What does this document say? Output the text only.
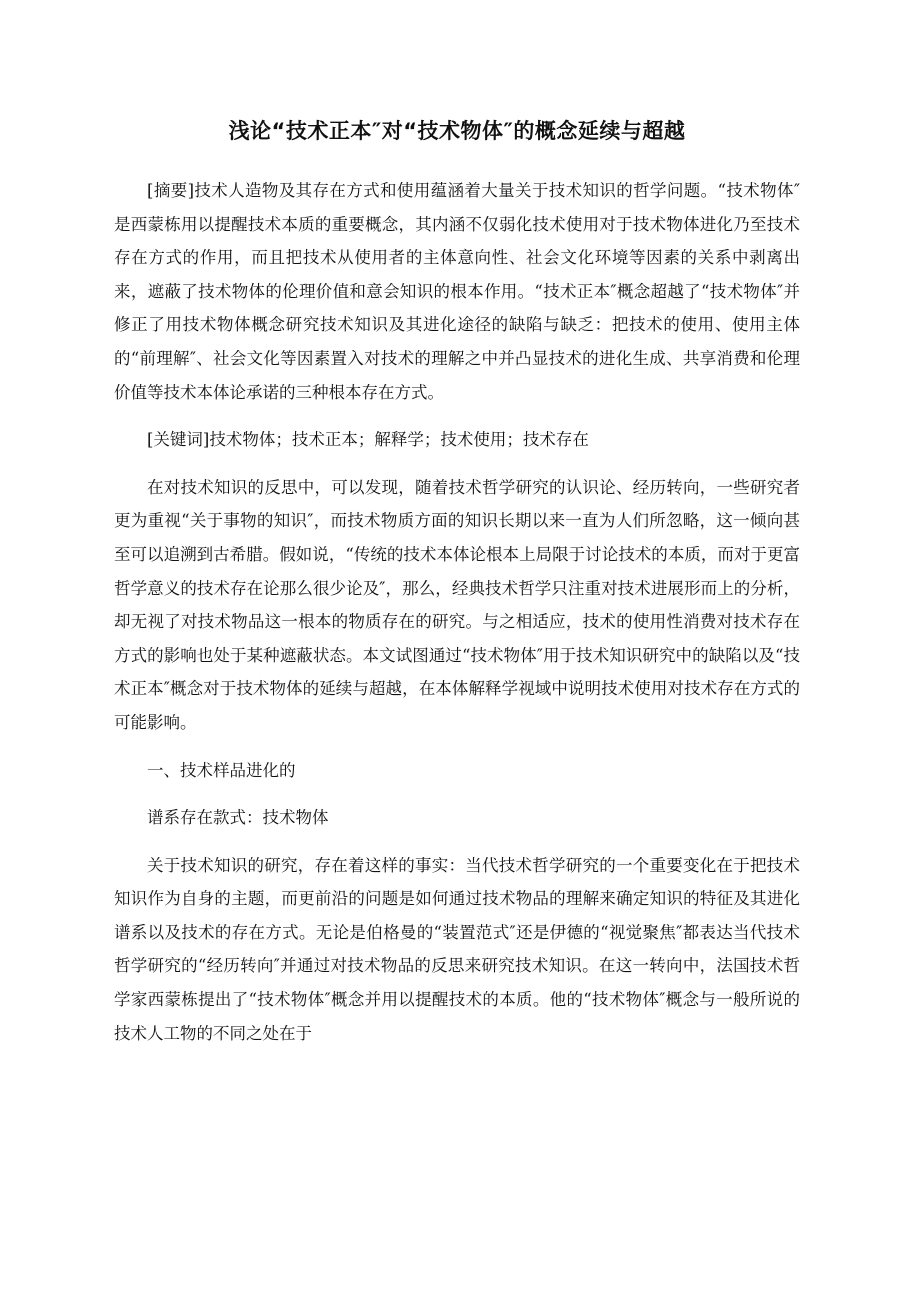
浅论“技术正本″对“技术物体″的概念延续与超越

[摘要]技术人造物及其存在方式和使用蕴涵着大量关于技术知识的哲学问题。“技术物体″是西蒙栋用以提醒技术本质的重要概念，其内涵不仅弱化技术使用对于技术物体进化乃至技术存在方式的作用，而且把技术从使用者的主体意向性、社会文化环境等因素的关系中剥离出来，遮蔽了技术物体的伦理价值和意会知识的根本作用。“技术正本″概念超越了“技术物体″并修正了用技术物体概念研究技术知识及其进化途径的缺陷与缺乏：把技术的使用、使用主体的“前理解″、社会文化等因素置入对技术的理解之中并凸显技术的进化生成、共享消费和伦理价值等技术本体论承诺的三种根本存在方式。

[关键词]技术物体；技术正本；解释学；技术使用；技术存在

在对技术知识的反思中，可以发现，随着技术哲学研究的认识论、经历转向，一些研究者更为重视“关于事物的知识″，而技术物质方面的知识长期以来一直为人们所忽略，这一倾向甚至可以追溯到古希腊。假如说，“传统的技术本体论根本上局限于讨论技术的本质，而对于更富哲学意义的技术存在论那么很少论及″，那么，经典技术哲学只注重对技术进展形而上的分析，却无视了对技术物品这一根本的物质存在的研究。与之相适应，技术的使用性消费对技术存在方式的影响也处于某种遮蔽状态。本文试图通过“技术物体″用于技术知识研究中的缺陷以及“技术正本″概念对于技术物体的延续与超越，在本体解释学视域中说明技术使用对技术存在方式的可能影响。

一、技术样品进化的

谱系存在款式：技术物体

关于技术知识的研究，存在着这样的事实：当代技术哲学研究的一个重要变化在于把技术知识作为自身的主题，而更前沿的问题是如何通过技术物品的理解来确定知识的特征及其进化谱系以及技术的存在方式。无论是伯格曼的“装置范式″还是伊德的“视觉聚焦″都表达当代技术哲学研究的“经历转向″并通过对技术物品的反思来研究技术知识。在这一转向中，法国技术哲学家西蒙栋提出了“技术物体″概念并用以提醒技术的本质。他的“技术物体″概念与一般所说的技术人工物的不同之处在于
